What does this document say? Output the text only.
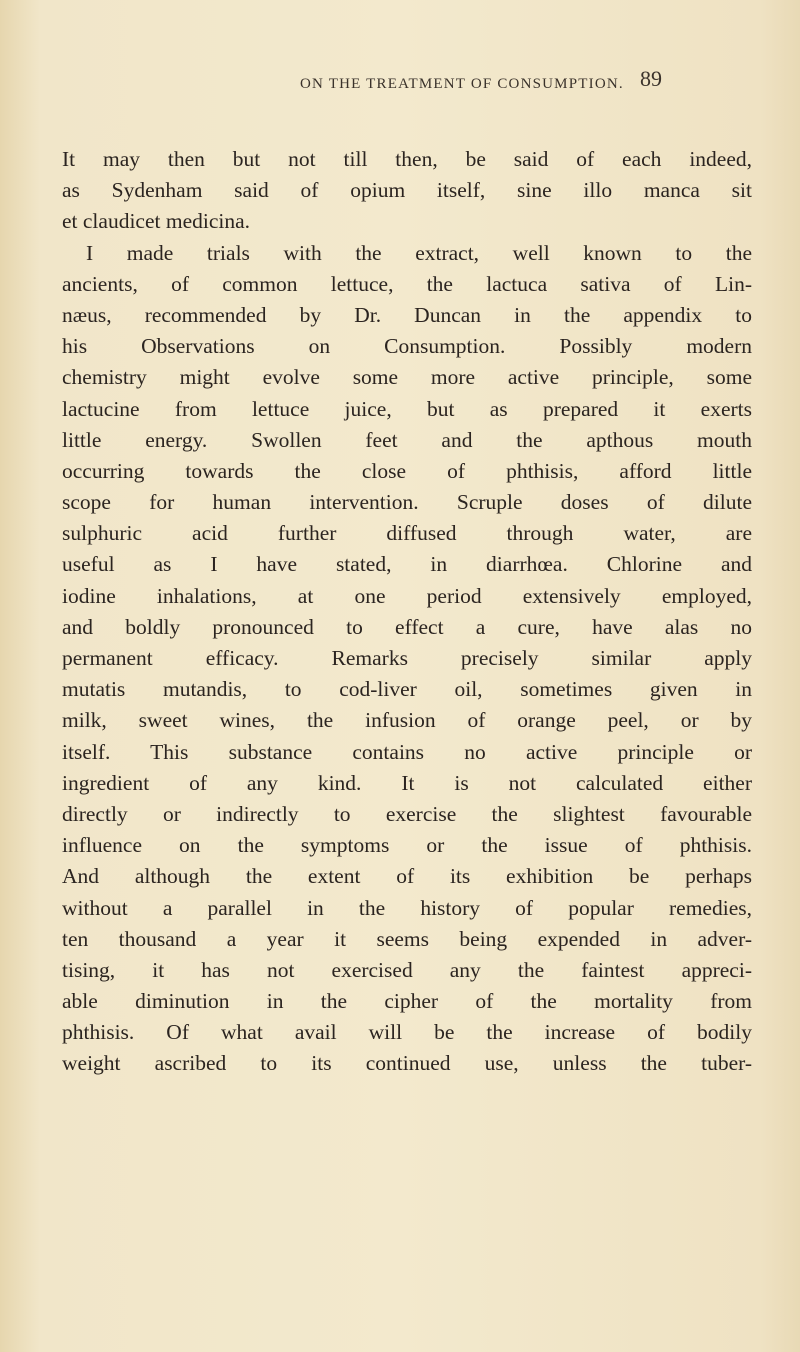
ON THE TREATMENT OF CONSUMPTION. 89
It may then but not till then, be said of each indeed,
as Sydenham said of opium itself, sine illo manca sit
et claudicet medicina.
I made trials with the extract, well known to the
ancients, of common lettuce, the lactuca sativa of Lin-
næus, recommended by Dr. Duncan in the appendix to
his Observations on Consumption. Possibly modern
chemistry might evolve some more active principle, some
lactucine from lettuce juice, but as prepared it exerts
little energy. Swollen feet and the apthous mouth
occurring towards the close of phthisis, afford little
scope for human intervention. Scruple doses of dilute
sulphuric acid further diffused through water, are
useful as I have stated, in diarrhœa. Chlorine and
iodine inhalations, at one period extensively employed,
and boldly pronounced to effect a cure, have alas no
permanent efficacy. Remarks precisely similar apply
mutatis mutandis, to cod-liver oil, sometimes given in
milk, sweet wines, the infusion of orange peel, or by
itself. This substance contains no active principle or
ingredient of any kind. It is not calculated either
directly or indirectly to exercise the slightest favourable
influence on the symptoms or the issue of phthisis.
And although the extent of its exhibition be perhaps
without a parallel in the history of popular remedies,
ten thousand a year it seems being expended in adver-
tising, it has not exercised any the faintest appreci-
able diminution in the cipher of the mortality from
phthisis. Of what avail will be the increase of bodily
weight ascribed to its continued use, unless the tuber-
